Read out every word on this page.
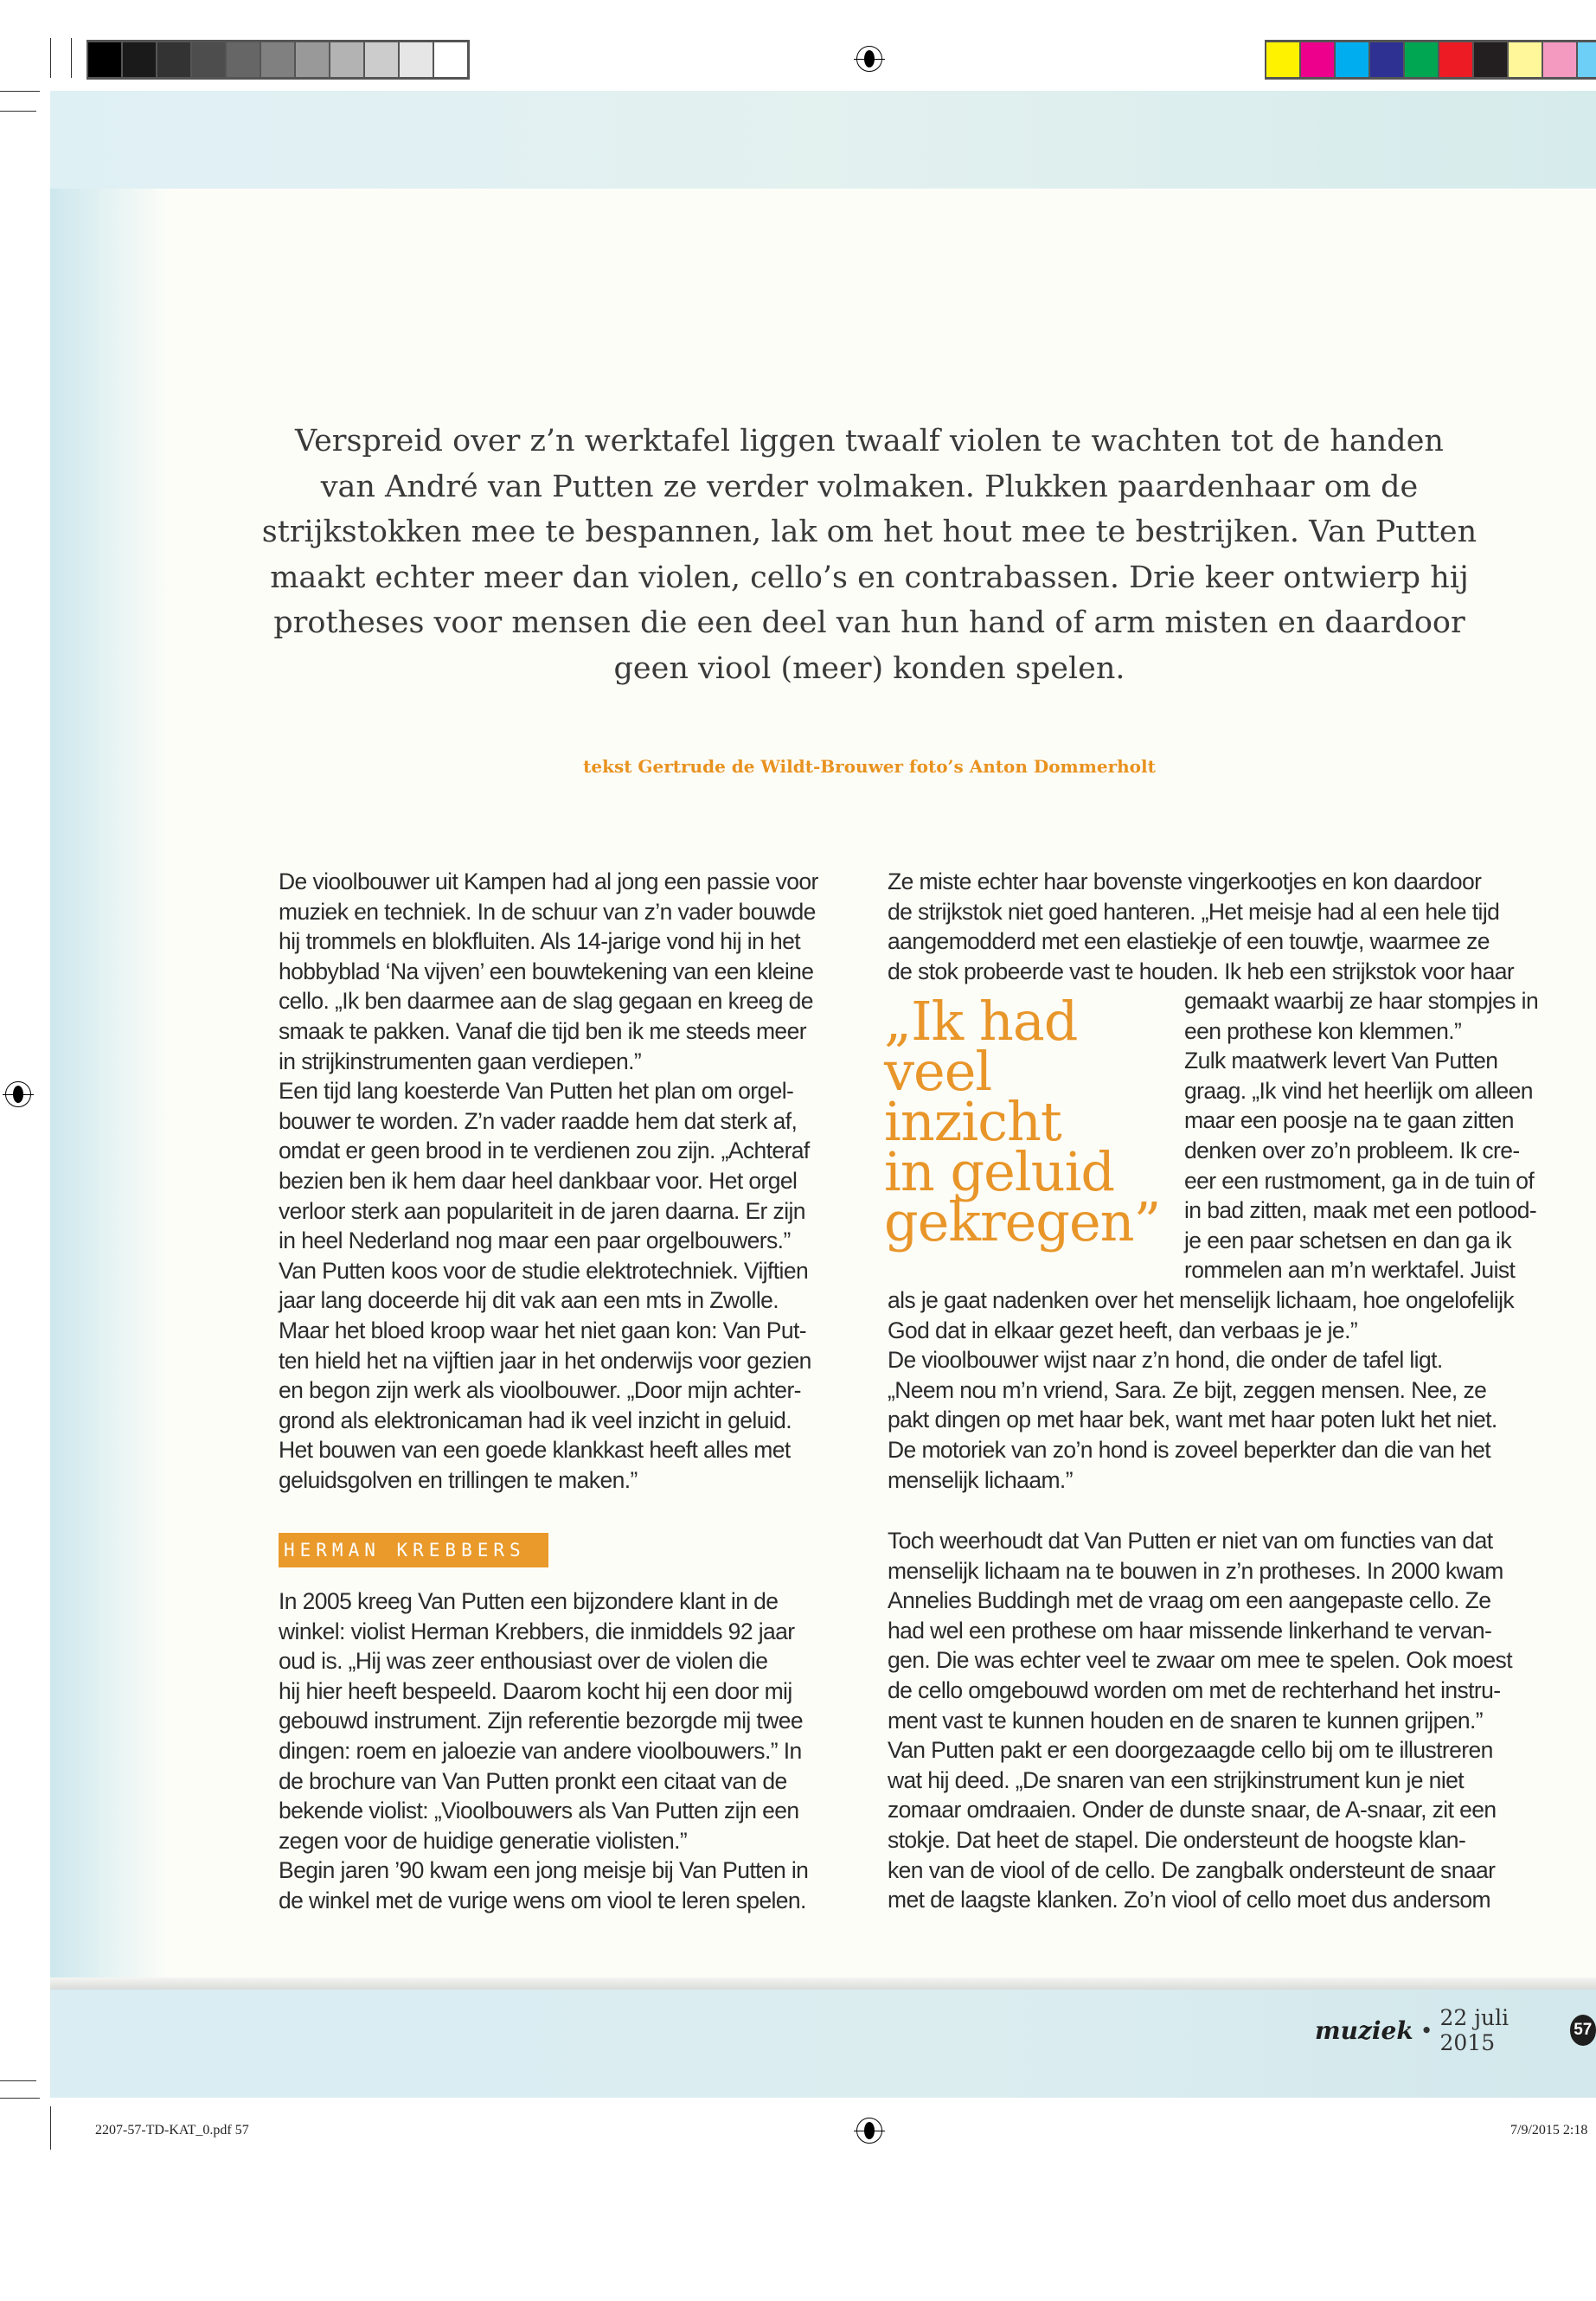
Verspreid over z’n werktafel liggen twaalf violen te wachten tot de handen
van André van Putten ze verder volmaken. Plukken paardenhaar om de
strijkstokken mee te bespannen, lak om het hout mee te bestrijken. Van Putten
maakt echter meer dan violen, cello’s en contrabassen. Drie keer ontwierp hij
protheses voor mensen die een deel van hun hand of arm misten en daardoor
geen viool (meer) konden spelen.
tekst Gertrude de Wildt-Brouwer foto’s Anton Dommerholt
De vioolbouwer uit Kampen had al jong een passie voor
muziek en techniek. In de schuur van z’n vader bouwde
hij trommels en blokfluiten. Als 14-jarige vond hij in het
hobbyblad ‘Na vijven’ een bouwtekening van een kleine
cello. „Ik ben daarmee aan de slag gegaan en kreeg de
smaak te pakken. Vanaf die tijd ben ik me steeds meer
in strijkinstrumenten gaan verdiepen.”
Een tijd lang koesterde Van Putten het plan om orgel-
bouwer te worden. Z’n vader raadde hem dat sterk af,
omdat er geen brood in te verdienen zou zijn. „Achteraf
bezien ben ik hem daar heel dankbaar voor. Het orgel
verloor sterk aan populariteit in de jaren daarna. Er zijn
in heel Nederland nog maar een paar orgelbouwers.”
Van Putten koos voor de studie elektrotechniek. Vijftien
jaar lang doceerde hij dit vak aan een mts in Zwolle.
Maar het bloed kroop waar het niet gaan kon: Van Put-
ten hield het na vijftien jaar in het onderwijs voor gezien
en begon zijn werk als vioolbouwer. „Door mijn achter-
grond als elektronicaman had ik veel inzicht in geluid.
Het bouwen van een goede klankkast heeft alles met
geluidsgolven en trillingen te maken.”
HERMAN KREBBERS
In 2005 kreeg Van Putten een bijzondere klant in de
winkel: violist Herman Krebbers, die inmiddels 92 jaar
oud is. „Hij was zeer enthousiast over de violen die
hij hier heeft bespeeld. Daarom kocht hij een door mij
gebouwd instrument. Zijn referentie bezorgde mij twee
dingen: roem en jaloezie van andere vioolbouwers.” In
de brochure van Van Putten pronkt een citaat van de
bekende violist: „Vioolbouwers als Van Putten zijn een
zegen voor de huidige generatie violisten.”
Begin jaren ’90 kwam een jong meisje bij Van Putten in
de winkel met de vurige wens om viool te leren spelen.
Ze miste echter haar bovenste vingerkootjes en kon daardoor
de strijkstok niet goed hanteren. „Het meisje had al een hele tijd
aangemodderd met een elastiekje of een touwtje, waarmee ze
de stok probeerde vast te houden. Ik heb een strijkstok voor haar
„Ik had
veel
inzicht
in geluid
gekregen”
gemaakt waarbij ze haar stompjes in
een prothese kon klemmen.”
Zulk maatwerk levert Van Putten
graag. „Ik vind het heerlijk om alleen
maar een poosje na te gaan zitten
denken over zo’n probleem. Ik cre-
eer een rustmoment, ga in de tuin of
in bad zitten, maak met een potlood-
je een paar schetsen en dan ga ik
rommelen aan m’n werktafel. Juist
als je gaat nadenken over het menselijk lichaam, hoe ongelofelijk
God dat in elkaar gezet heeft, dan verbaas je je.”
De vioolbouwer wijst naar z’n hond, die onder de tafel ligt.
„Neem nou m’n vriend, Sara. Ze bijt, zeggen mensen. Nee, ze
pakt dingen op met haar bek, want met haar poten lukt het niet.
De motoriek van zo’n hond is zoveel beperkter dan die van het
menselijk lichaam.”
Toch weerhoudt dat Van Putten er niet van om functies van dat
menselijk lichaam na te bouwen in z’n protheses. In 2000 kwam
Annelies Buddingh met de vraag om een aangepaste cello. Ze
had wel een prothese om haar missende linkerhand te vervan-
gen. Die was echter veel te zwaar om mee te spelen. Ook moest
de cello omgebouwd worden om met de rechterhand het instru-
ment vast te kunnen houden en de snaren te kunnen grijpen.”
Van Putten pakt er een doorgezaagde cello bij om te illustreren
wat hij deed. „De snaren van een strijkinstrument kun je niet
zomaar omdraaien. Onder de dunste snaar, de A-snaar, zit een
stokje. Dat heet de stapel. Die ondersteunt de hoogste klan-
ken van de viool of de cello. De zangbalk ondersteunt de snaar
met de laagste klanken. Zo’n viool of cello moet dus andersom
muziek • 22 juli 2015
57
2207-57-TD-KAT_0.pdf 57	7/9/2015 2:18
